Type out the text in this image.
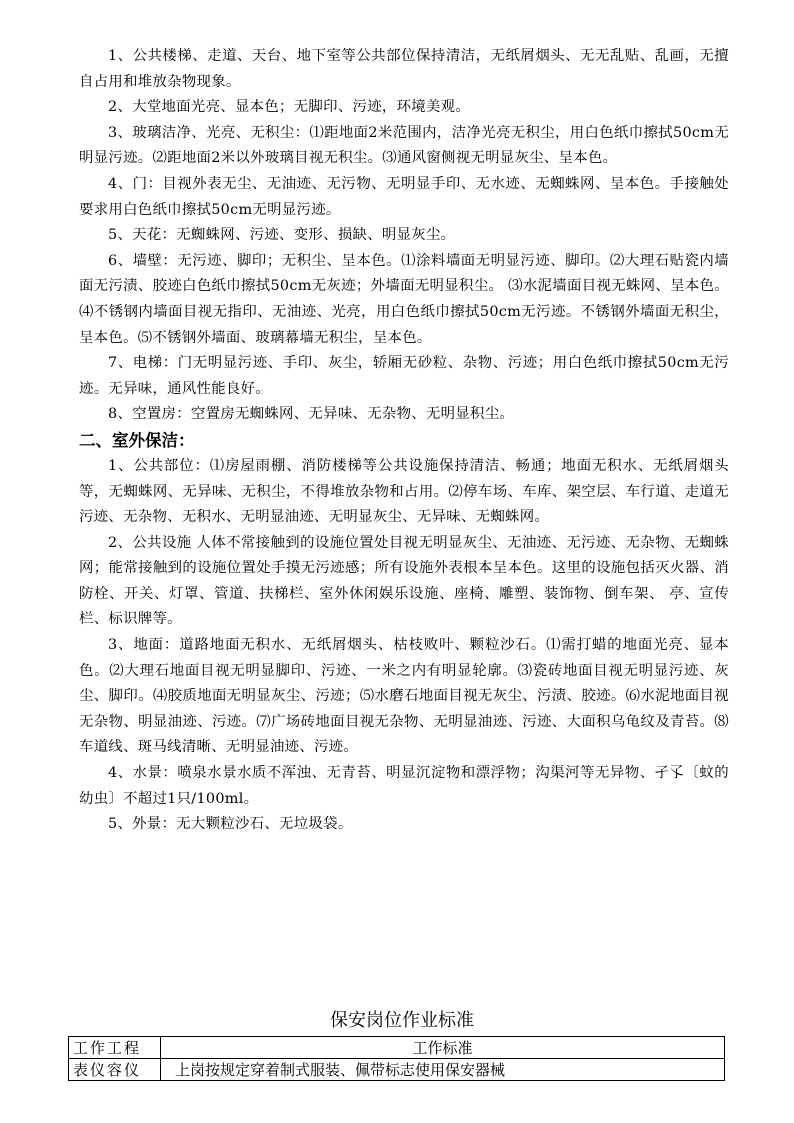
1、公共楼梯、走道、天台、地下室等公共部位保持清洁，无纸屑烟头、无无乱贴、乱画，无擅自占用和堆放杂物现象。

2、大堂地面光亮、显本色；无脚印、污迹，环境美观。

3、玻璃洁净、光亮、无积尘：⑴距地面2米范围内，洁净光亮无积尘，用白色纸巾擦拭50cm无明显污迹。⑵距地面2米以外玻璃目视无积尘。⑶通风窗侧视无明显灰尘、呈本色。

4、门：目视外表无尘、无油迹、无污物、无明显手印、无水迹、无蜘蛛网、呈本色。手接触处要求用白色纸巾擦拭50cm无明显污迹。

5、天花：无蜘蛛网、污迹、变形、损缺、明显灰尘。

6、墙壁：无污迹、脚印；无积尘、呈本色。⑴涂料墙面无明显污迹、脚印。⑵大理石贴瓷内墙面无污渍、胶迹白色纸巾擦拭50cm无灰迹；外墙面无明显积尘。 ⑶水泥墙面目视无蛛网、呈本色。⑷不锈钢内墙面目视无指印、无油迹、光亮，用白色纸巾擦拭50cm无污迹。不锈钢外墙面无积尘，呈本色。⑸不锈钢外墙面、玻璃幕墙无积尘，呈本色。

7、电梯：门无明显污迹、手印、灰尘，轿厢无砂粒、杂物、污迹；用白色纸巾擦拭50cm无污迹。无异味，通风性能良好。

8、空置房：空置房无蜘蛛网、无异味、无杂物、无明显积尘。

二、室外保洁：

1、公共部位：⑴房屋雨棚、消防楼梯等公共设施保持清洁、畅通；地面无积水、无纸屑烟头等，无蜘蛛网、无异味、无积尘，不得堆放杂物和占用。⑵停车场、车库、架空层、车行道、走道无污迹、无杂物、无积水、无明显油迹、无明显灰尘、无异味、无蜘蛛网。

2、公共设施 人体不常接触到的设施位置处目视无明显灰尘、无油迹、无污迹、无杂物、无蜘蛛网；能常接触到的设施位置处手摸无污迹感；所有设施外表根本呈本色。这里的设施包括灭火器、消防栓、开关、灯罩、管道、扶梯栏、室外休闲娱乐设施、座椅、雕塑、装饰物、倒车架、 亭、宣传栏、标识牌等。

3、地面：道路地面无积水、无纸屑烟头、枯枝败叶、颗粒沙石。⑴需打蜡的地面光亮、显本色。⑵大理石地面目视无明显脚印、污迹、一米之内有明显轮廓。⑶瓷砖地面目视无明显污迹、灰尘、脚印。⑷胶质地面无明显灰尘、污迹；⑸水磨石地面目视无灰尘、污渍、胶迹。⑹水泥地面目视无杂物、明显油迹、污迹。⑺广场砖地面目视无杂物、无明显油迹、污迹、大面积乌龟纹及青苔。⑻车道线、斑马线清晰、无明显油迹、污迹。

4、水景：喷泉水景水质不浑浊、无青苔、明显沉淀物和漂浮物；沟渠河等无异物、孑孓〔蚊的幼虫〕不超过1只/100ml。

5、外景：无大颗粒沙石、无垃圾袋。

保安岗位作业标准
工作工程	工作标准
表仪容仪	上岗按规定穿着制式服装、佩带标志使用保安器械
